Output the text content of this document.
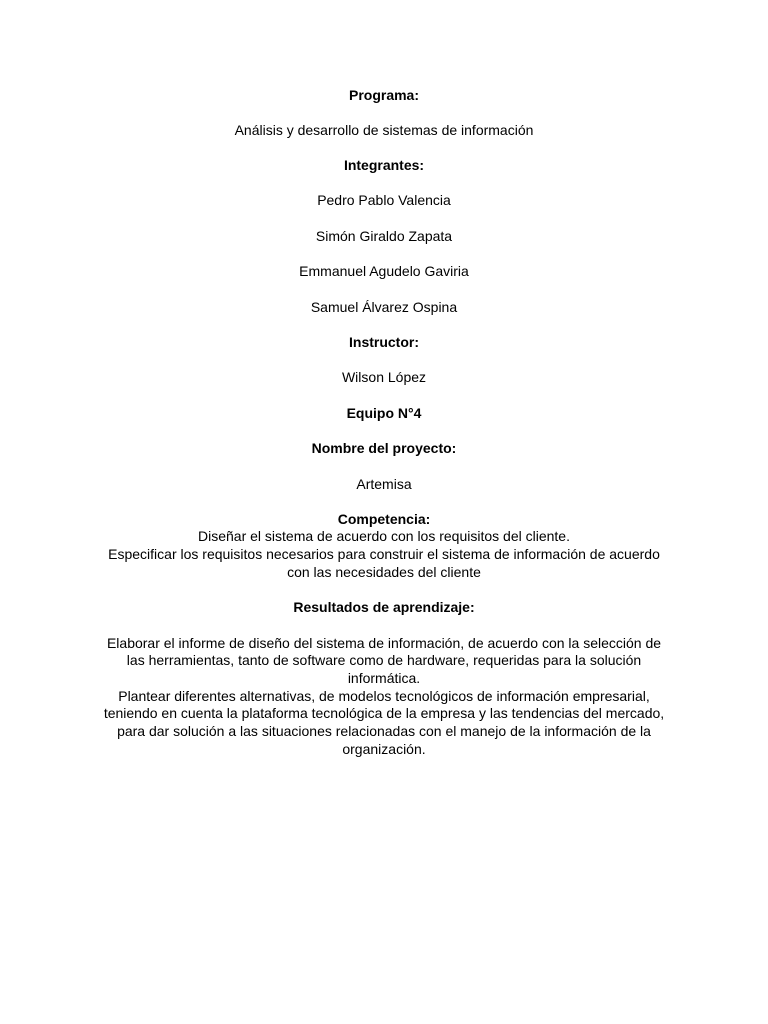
Programa:
Análisis y desarrollo de sistemas de información
Integrantes:
Pedro Pablo Valencia
Simón Giraldo Zapata
Emmanuel Agudelo Gaviria
Samuel Álvarez Ospina
Instructor:
Wilson López
Equipo N°4
Nombre del proyecto:
Artemisa
Competencia:
Diseñar el sistema de acuerdo con los requisitos del cliente.
Especificar los requisitos necesarios para construir el sistema de información de acuerdo
con las necesidades del cliente
Resultados de aprendizaje:
Elaborar el informe de diseño del sistema de información, de acuerdo con la selección de
las herramientas, tanto de software como de hardware, requeridas para la solución
informática.
Plantear diferentes alternativas, de modelos tecnológicos de información empresarial,
teniendo en cuenta la plataforma tecnológica de la empresa y las tendencias del mercado,
para dar solución a las situaciones relacionadas con el manejo de la información de la
organización.
